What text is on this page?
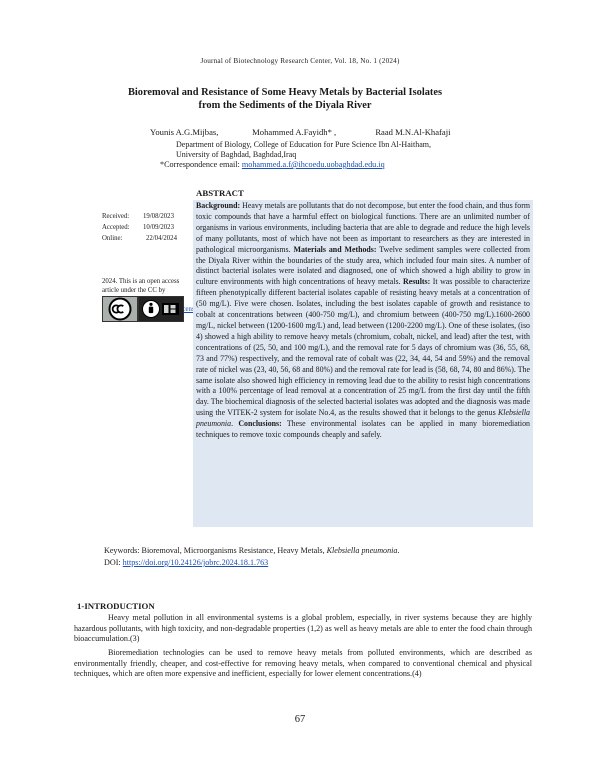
Journal of Biotechnology Research Center, Vol. 18, No. 1 (2024)
Bioremoval and Resistance of Some Heavy Metals by Bacterial Isolates
from the Sediments of the Diyala River
Younis A.G.Mijbas,	Mohammed A.Fayidh* ,	Raad M.N.Al-Khafaji
Department of Biology, College of Education for Pure Science Ibn Al-Haitham,
University of Baghdad, Baghdad,Iraq
*Correspondence email: mohammed.a.f@ihcoedu.uobaghdad.edu.iq
Received:	19/08/2023
Accepted:	10/09/2023
Online:	22/04/2024
2024. This is an open access article under the CC by
ABSTRACT
Background: Heavy metals are pollutants that do not decompose, but enter the food chain, and thus form toxic compounds that have a harmful effect on biological functions. There are an unlimited number of organisms in various environments, including bacteria that are able to degrade and reduce the high levels of many pollutants, most of which have not been as important to researchers as they are interested in pathological microorganisms. Materials and Methods: Twelve sediment samples were collected from the Diyala River within the boundaries of the study area, which included four main sites. A number of distinct bacterial isolates were isolated and diagnosed, one of which showed a high ability to grow in culture environments with high concentrations of heavy metals. Results: It was possible to characterize fifteen phenotypically different bacterial isolates capable of resisting heavy metals at a concentration of (50 mg/L). Five were chosen. Isolates, including the best isolates capable of growth and resistance to cobalt at concentrations between (400-750 mg/L), and chromium between (400-750 mg/L).1600-2600 mg/L, nickel between (1200-1600 mg/L) and, lead between (1200-2200 mg/L). One of these isolates, (iso 4) showed a high ability to remove heavy metals (chromium, cobalt, nickel, and lead) after the test, with concentrations of (25, 50, and 100 mg/L), and the removal rate for 5 days of chromium was (36, 55, 68, 73 and 77%) respectively, and the removal rate of cobalt was (22, 34, 44, 54 and 59%) and the removal rate of nickel was (23, 40, 56, 68 and 80%) and the removal rate for lead is (58, 68, 74, 80 and 86%). The same isolate also showed high efficiency in removing lead due to the ability to resist high concentrations with a 100% percentage of lead removal at a concentration of 25 mg/L from the first day until the fifth day. The biochemical diagnosis of the selected bacterial isolates was adopted and the diagnosis was made using the VITEK-2 system for isolate No.4, as the results showed that it belongs to the genus Klebsiella pneumonia. Conclusions: These environmental isolates can be applied in many bioremediation techniques to remove toxic compounds cheaply and safely.
Keywords: Bioremoval, Microorganisms Resistance, Heavy Metals, Klebsiella pneumonia.
DOI: https://doi.org/10.24126/jobrc.2024.18.1.763
1-INTRODUCTION
Heavy metal pollution in all environmental systems is a global problem, especially, in river systems because they are highly hazardous pollutants, with high toxicity, and non-degradable properties (1,2) as well as heavy metals are able to enter the food chain through bioaccumulation.(3)
Bioremediation technologies can be used to remove heavy metals from polluted environments, which are described as environmentally friendly, cheaper, and cost-effective for removing heavy metals, when compared to conventional chemical and physical techniques, which are often more expensive and inefficient, especially for lower element concentrations.(4)
67
